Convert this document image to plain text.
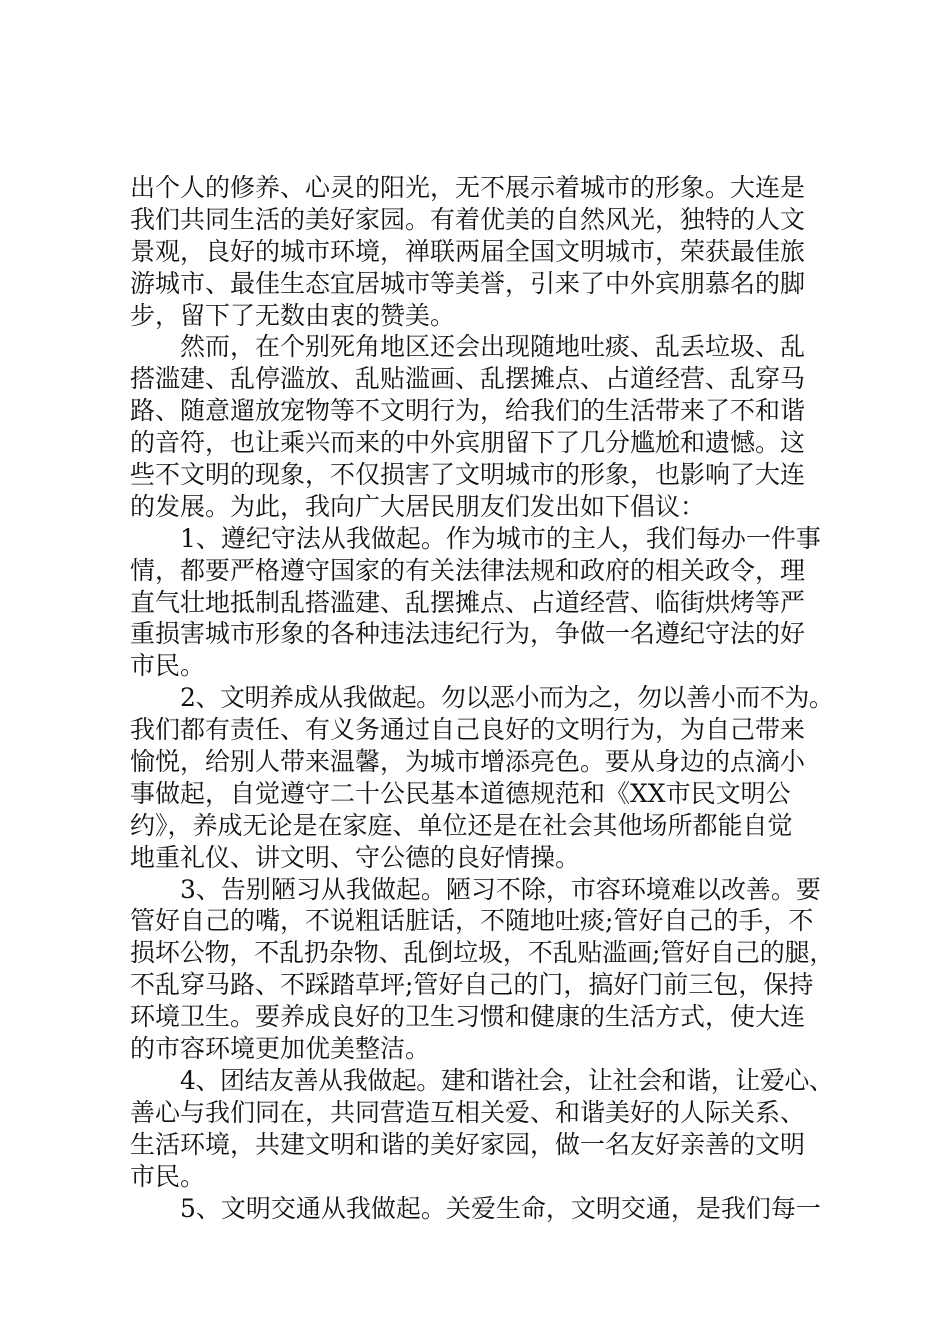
出个人的修养、心灵的阳光，无不展示着城市的形象。大连是
我们共同生活的美好家园。有着优美的自然风光，独特的人文
景观，良好的城市环境，禅联两届全国文明城市，荣获最佳旅
游城市、最佳生态宜居城市等美誉，引来了中外宾朋慕名的脚
步，留下了无数由衷的赞美。
然而，在个别死角地区还会出现随地吐痰、乱丢垃圾、乱
搭滥建、乱停滥放、乱贴滥画、乱摆摊点、占道经营、乱穿马
路、随意遛放宠物等不文明行为，给我们的生活带来了不和谐
的音符，也让乘兴而来的中外宾朋留下了几分尴尬和遗憾。这
些不文明的现象，不仅损害了文明城市的形象，也影响了大连
的发展。为此，我向广大居民朋友们发出如下倡议：
1、遵纪守法从我做起。作为城市的主人，我们每办一件事
情，都要严格遵守国家的有关法律法规和政府的相关政令，理
直气壮地抵制乱搭滥建、乱摆摊点、占道经营、临街烘烤等严
重损害城市形象的各种违法违纪行为，争做一名遵纪守法的好
市民。
2、文明养成从我做起。勿以恶小而为之，勿以善小而不为。
我们都有责任、有义务通过自己良好的文明行为，为自己带来
愉悦，给别人带来温馨，为城市增添亮色。要从身边的点滴小
事做起，自觉遵守二十公民基本道德规范和《XX市民文明公
约》，养成无论是在家庭、单位还是在社会其他场所都能自觉
地重礼仪、讲文明、守公德的良好情操。
3、告别陋习从我做起。陋习不除，市容环境难以改善。要
管好自己的嘴，不说粗话脏话，不随地吐痰;管好自己的手，不
损坏公物，不乱扔杂物、乱倒垃圾，不乱贴滥画;管好自己的腿，
不乱穿马路、不踩踏草坪;管好自己的门，搞好门前三包，保持
环境卫生。要养成良好的卫生习惯和健康的生活方式，使大连
的市容环境更加优美整洁。
4、团结友善从我做起。建和谐社会，让社会和谐，让爱心、
善心与我们同在，共同营造互相关爱、和谐美好的人际关系、
生活环境，共建文明和谐的美好家园，做一名友好亲善的文明
市民。
5、文明交通从我做起。关爱生命，文明交通，是我们每一
